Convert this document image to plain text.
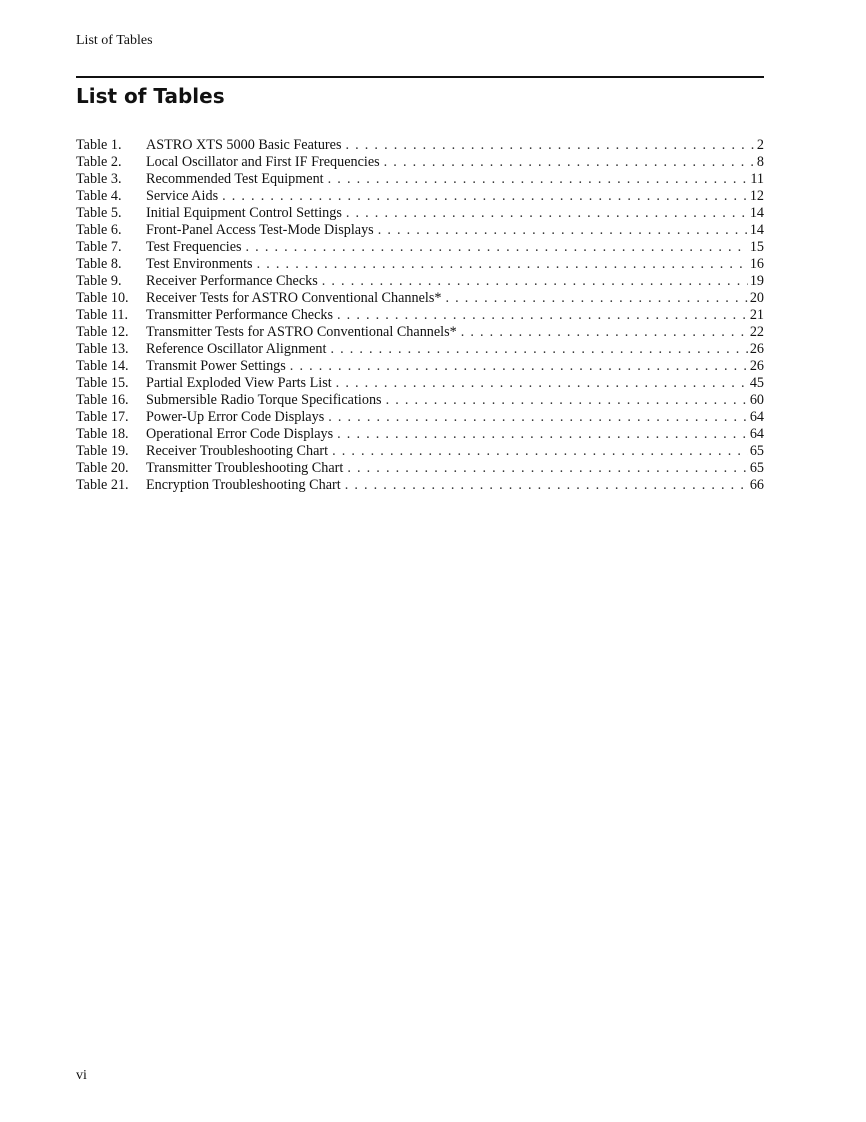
List of Tables
List of Tables
Table 1.	ASTRO XTS 5000 Basic Features . . .	2
Table 2.	Local Oscillator and First IF Frequencies . . .	8
Table 3.	Recommended Test Equipment . . .	11
Table 4.	Service Aids . . .	12
Table 5.	Initial Equipment Control Settings . . .	14
Table 6.	Front-Panel Access Test-Mode Displays . . .	14
Table 7.	Test Frequencies . . .	15
Table 8.	Test Environments . . .	16
Table 9.	Receiver Performance Checks . . .	19
Table 10.	Receiver Tests for ASTRO Conventional Channels* . . .	20
Table 11.	Transmitter Performance Checks . . .	21
Table 12.	Transmitter Tests for ASTRO Conventional Channels* . . .	22
Table 13.	Reference Oscillator Alignment . . .	26
Table 14.	Transmit Power Settings . . .	26
Table 15.	Partial Exploded View Parts List . . .	45
Table 16.	Submersible Radio Torque Specifications . . .	60
Table 17.	Power-Up Error Code Displays . . .	64
Table 18.	Operational Error Code Displays . . .	64
Table 19.	Receiver Troubleshooting Chart . . .	65
Table 20.	Transmitter Troubleshooting Chart . . .	65
Table 21.	Encryption Troubleshooting Chart . . .	66
vi
